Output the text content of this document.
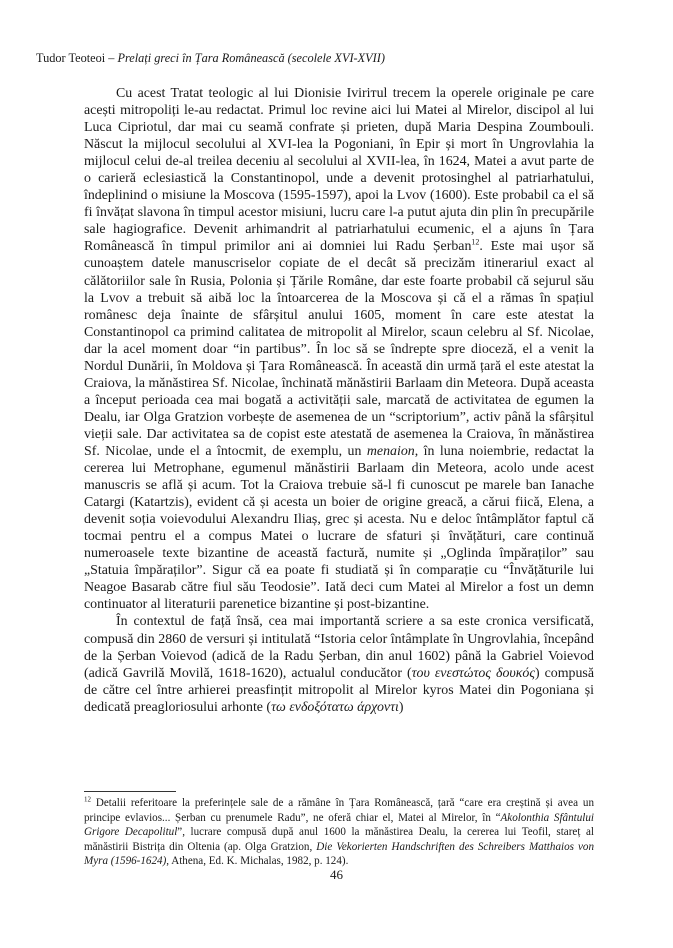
Tudor Teoteoi – Prelați greci în Țara Românească (secolele XVI-XVII)

Cu acest Tratat teologic al lui Dionisie Ivirітul trecem la operele originale pe care acești mitropoliți le-au redactat. Primul loc revine aici lui Matei al Mirelor, discipol al lui Luca Cipriotul, dar mai cu seamă confrate și prieten, după Maria Despina Zoumbouli. Născut la mijlocul secolului al XVI-lea la Pogoniani, în Epir și mort în Ungrovlahia la mijlocul celui de-al treilea deceniu al secolului al XVII-lea, în 1624, Matei a avut parte de o carieră eclesiastică la Constantinopol, unde a devenit protosinghel al patriarhatului, îndeplinind o misiune la Moscova (1595-1597), apoi la Lvov (1600). Este probabil ca el să fi învățat slavona în timpul acestor misiuni, lucru care l-a putut ajuta din plin în precupările sale hagiografice. Devenit arhimandrit al patriarhatului ecumenic, el a ajuns în Țara Românească în timpul primilor ani ai domniei lui Radu Șerban$^{12}$. Este mai ușor să cunoaștem datele manuscriselor copiate de el decât să precizăm itinerariul exact al călătoriilor sale în Rusia, Polonia și Țările Române, dar este foarte probabil că sejurul său la Lvov a trebuit să aibă loc la întoarcerea de la Moscova și că el a rămas în spațiul românesc deja înainte de sfârșitul anului 1605, moment în care este atestat la Constantinopol ca primind calitatea de mitropolit al Mirelor, scaun celebru al Sf. Nicolae, dar la acel moment doar “in partibus”. În loc să se îndrepte spre dioceză, el a venit la Nordul Dunării, în Moldova și Țara Românească. În această din urmă țară el este atestat la Craiova, la mănăstirea Sf. Nicolae, închinată mănăstirii Barlaam din Meteora. După aceasta a început perioada cea mai bogată a activității sale, marcată de activitatea de egumen la Dealu, iar Olga Gratzion vorbește de asemenea de un “scriptorium”, activ până la sfârșitul vieții sale. Dar activitatea sa de copist este atestată de asemenea la Craiova, în mănăstirea Sf. Nicolae, unde el a întocmit, de exemplu, un menaion, în luna noiembrie, redactat la cererea lui Metrophane, egumenul mănăstirii Barlaam din Meteora, acolo unde acest manuscris se află și acum. Tot la Craiova trebuie să-l fi cunoscut pe marele ban Ianache Catargi (Katartzis), evident că și acesta un boier de origine greacă, a cărui fiică, Elena, a devenit soția voievodului Alexandru Iliaș, grec și acesta. Nu e deloc întâmplător faptul că tocmai pentru el a compus Matei o lucrare de sfaturi și învățături, care continuă numeroasele texte bizantine de această factură, numite și „Oglinda împăraților” sau „Statuia împăraților”. Sigur că ea poate fi studiată și în comparație cu “Învățăturile lui Neagoe Basarab către fiul său Teodosie”. Iată deci cum Matei al Mirelor a fost un demn continuator al literaturii parenetice bizantine și post-bizantine.

În contextul de față însă, cea mai importantă scriere a sa este cronica versificată, compusă din 2860 de versuri și intitulată “Istoria celor întâmplate în Ungrovlahia, începând de la Șerban Voievod (adică de la Radu Șerban, din anul 1602) până la Gabriel Voievod (adică Gavrilă Movilă, 1618-1620), actualul conducător (του ενεστώτος δουκός) compusă de către cel între arhierei preasfințit mitropolit al Mirelor kyros Matei din Pogoniana și dedicată preagloriosului arhonte (τω ενδοξότατω άρχοντι)

$^{12}$ Detalii referitoare la preferințele sale de a rămâne în Țara Românească, țară “care era creștină și avea un principe evlavios... Șerban cu prenumele Radu”, ne oferă chiar el, Matei al Mirelor, în “Akolonthia Sfântului Grigore Decapolitul”, lucrare compusă după anul 1600 la mănăstirea Dealu, la cererea lui Teofil, stareț al mănăstirii Bistrița din Oltenia (ap. Olga Gratzion, Die Vekorierten Handschriften des Schreibers Matthaios von Myra (1596-1624), Athena, Ed. K. Michalas, 1982, p. 124).
46
